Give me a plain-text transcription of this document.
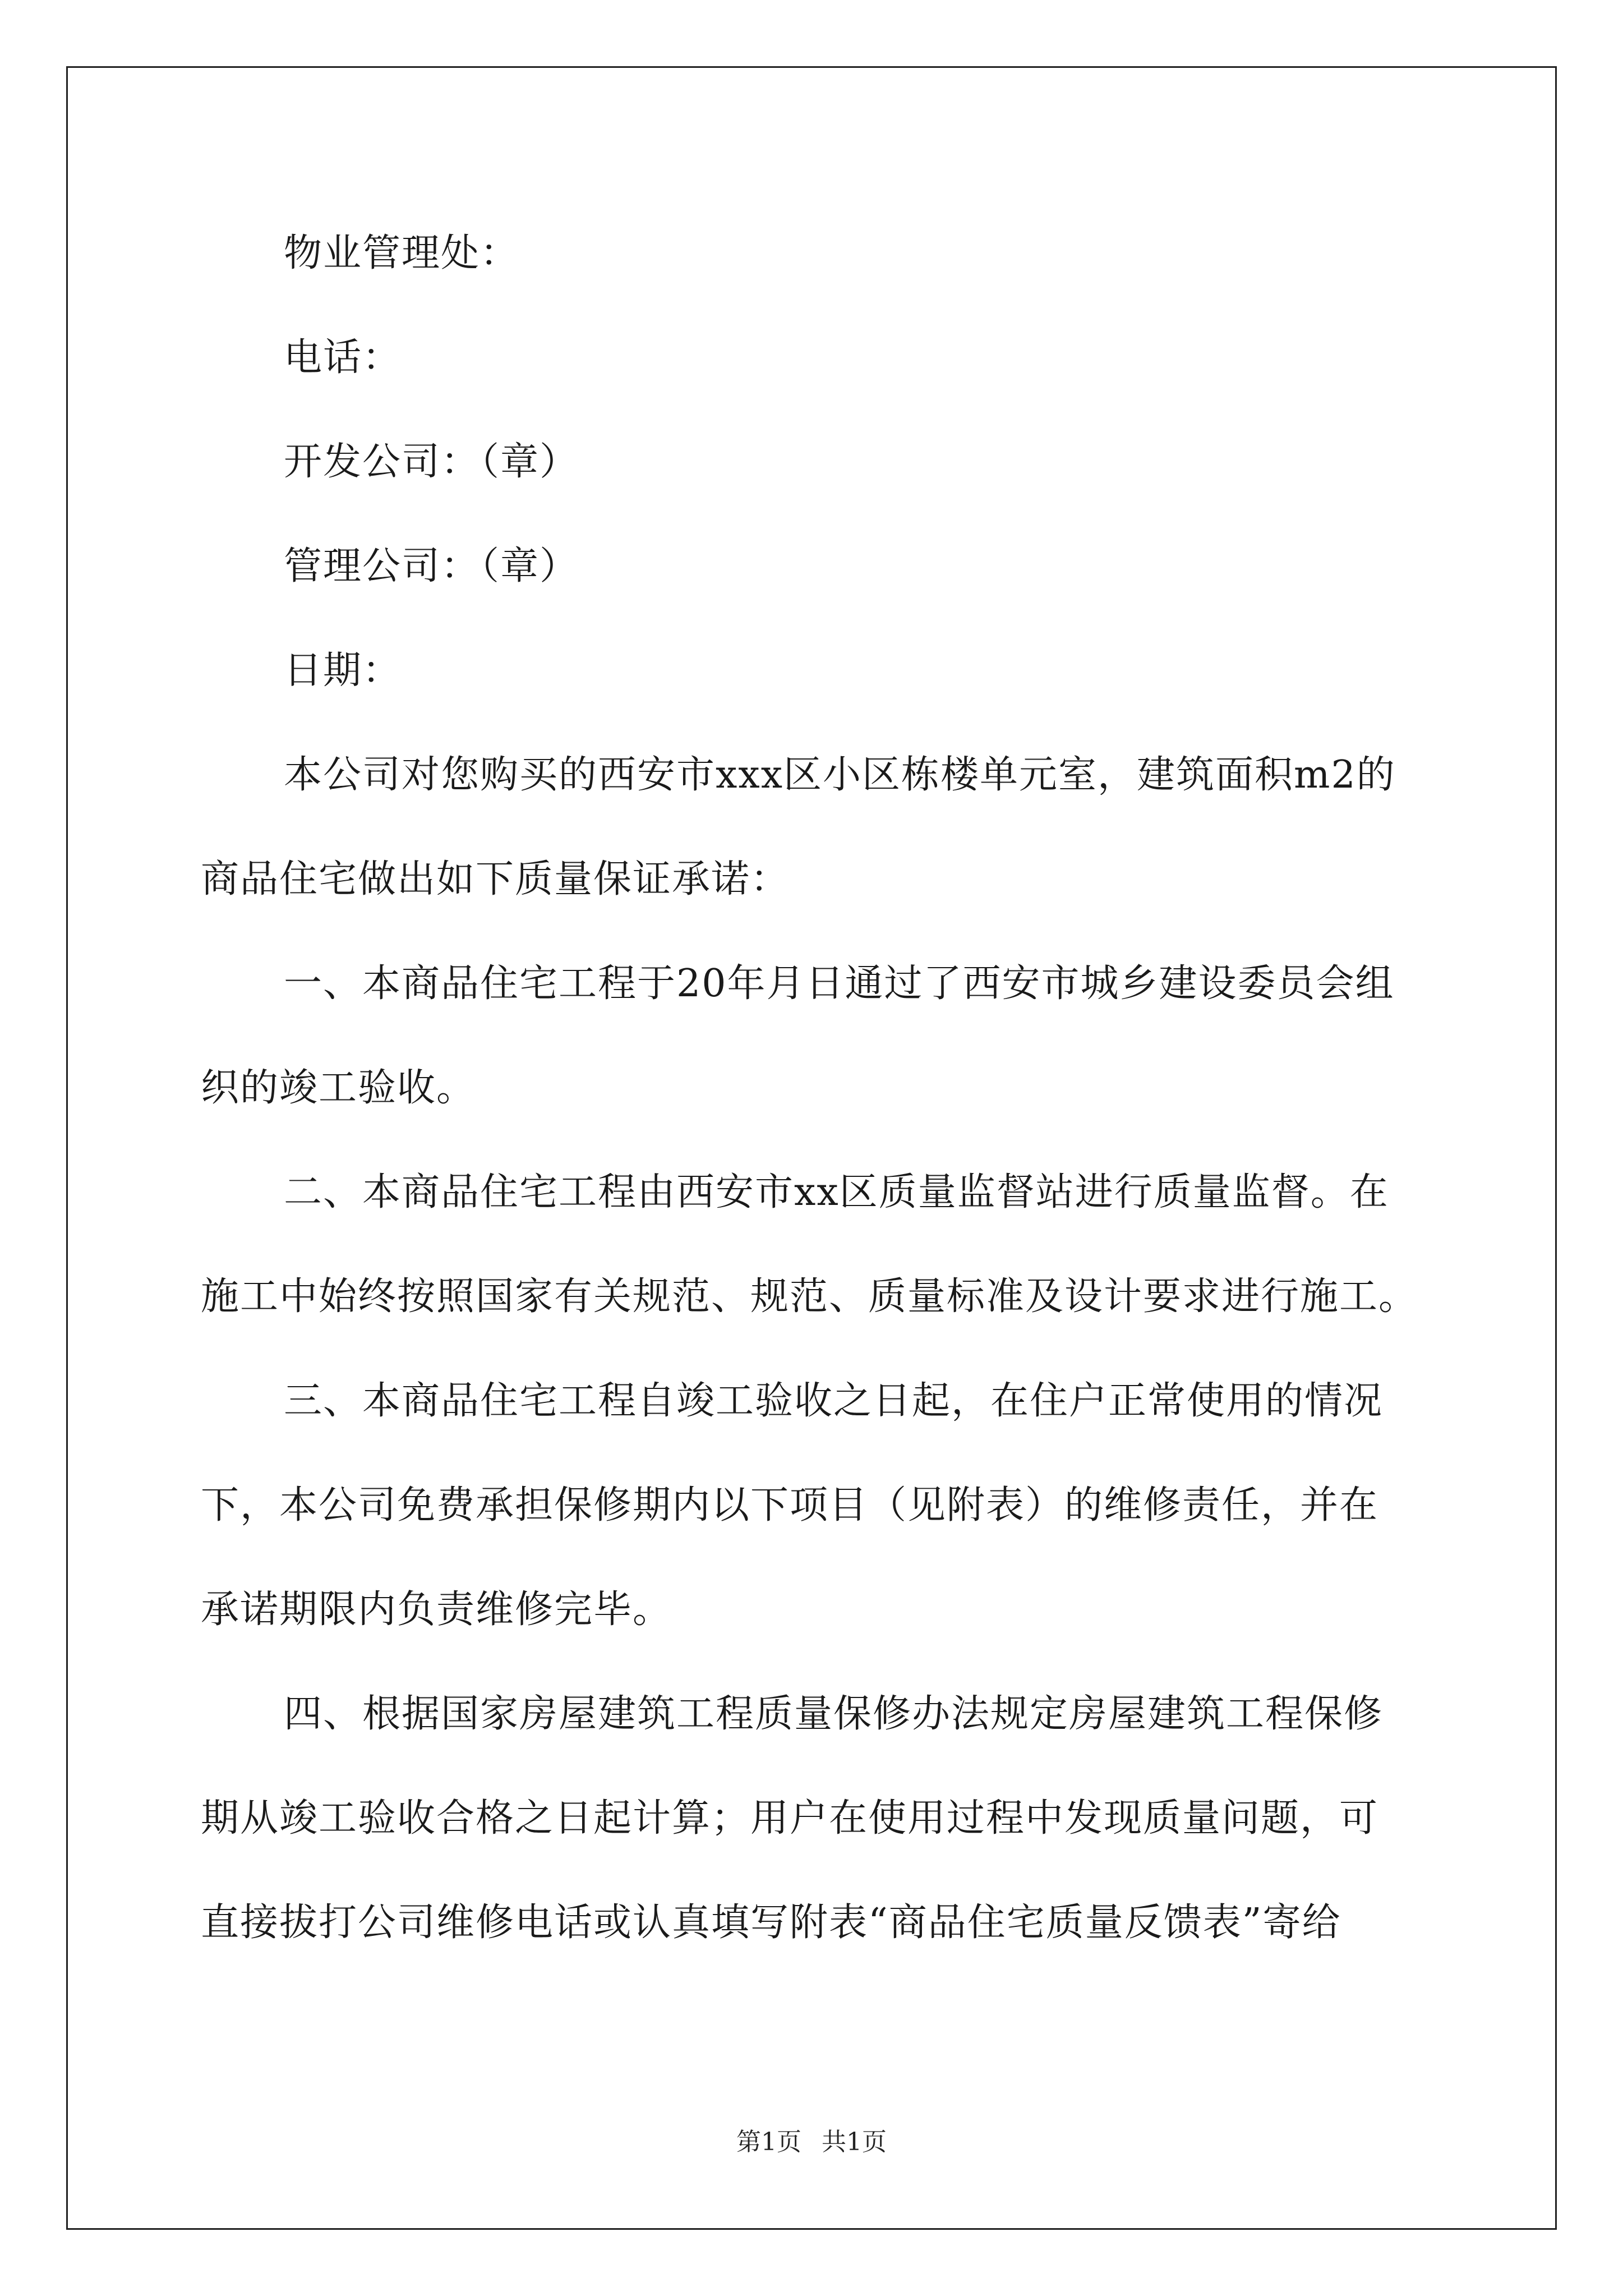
物业管理处：
电话：
开发公司：（章）
管理公司：（章）
日期：
本公司对您购买的西安市xxx区小区栋楼单元室，建筑面积m2的
商品住宅做出如下质量保证承诺：
一、本商品住宅工程于20年月日通过了西安市城乡建设委员会组
织的竣工验收。
二、本商品住宅工程由西安市xx区质量监督站进行质量监督。在
施工中始终按照国家有关规范、规范、质量标准及设计要求进行施工。
三、本商品住宅工程自竣工验收之日起，在住户正常使用的情况
下，本公司免费承担保修期内以下项目（见附表）的维修责任，并在
承诺期限内负责维修完毕。
四、根据国家房屋建筑工程质量保修办法规定房屋建筑工程保修
期从竣工验收合格之日起计算；用户在使用过程中发现质量问题，可
直接拔打公司维修电话或认真填写附表“商品住宅质量反馈表”寄给
第1页 共1页
